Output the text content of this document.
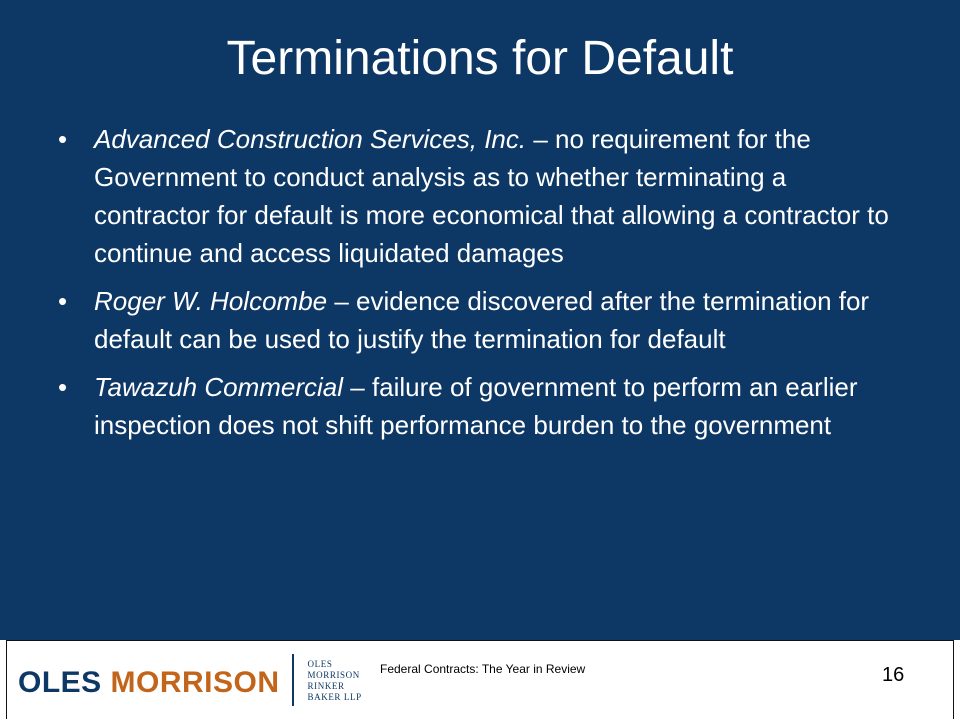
Terminations for Default
•	Advanced Construction Services, Inc. – no requirement for the Government to conduct analysis as to whether terminating a contractor for default is more economical that allowing a contractor to continue and access liquidated damages
•	Roger W. Holcombe – evidence discovered after the termination for default can be used to justify the termination for default
•	Tawazuh Commercial – failure of government to perform an earlier inspection does not shift performance burden to the government
OLES MORRISON
OLES
MORRISON
RINKER
BAKER LLP
Federal Contracts: The Year in Review	16
